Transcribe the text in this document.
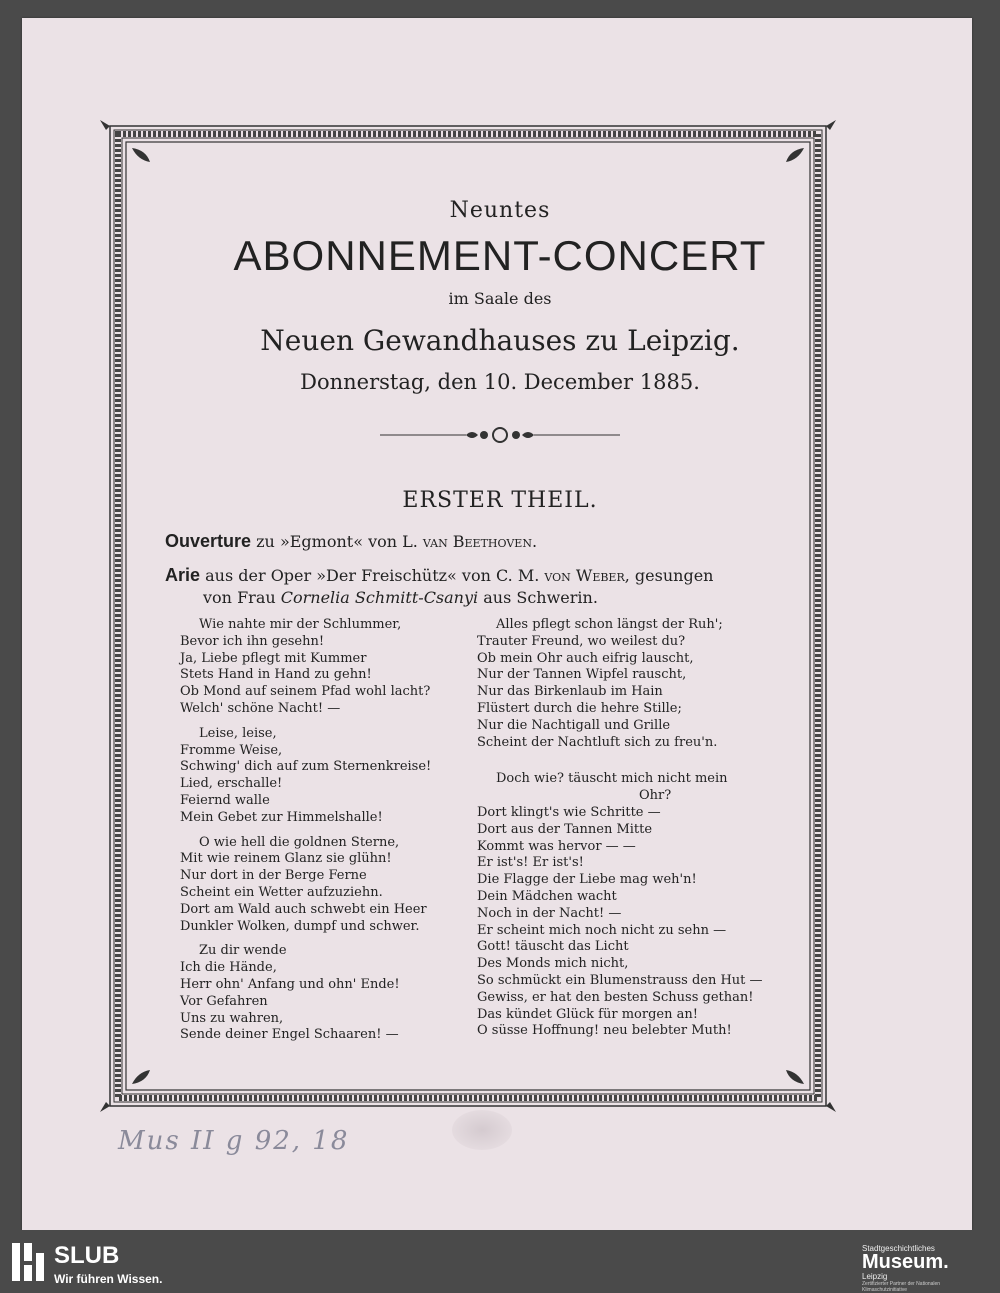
Neuntes
ABONNEMENT-CONCERT
im Saale des
Neuen Gewandhauses zu Leipzig.
Donnerstag, den 10. December 1885.
ERSTER THEIL.
Ouverture zu »Egmont« von L. van Beethoven.
Arie aus der Oper »Der Freischütz« von C. M. von Weber, gesungen
von Frau Cornelia Schmitt-Csanyi aus Schwerin.
Wie nahte mir der Schlummer,
Bevor ich ihn gesehn!
Ja, Liebe pflegt mit Kummer
Stets Hand in Hand zu gehn!
Ob Mond auf seinem Pfad wohl lacht?
Welch' schöne Nacht! —
Leise, leise,
Fromme Weise,
Schwing' dich auf zum Sternenkreise!
Lied, erschalle!
Feiernd walle
Mein Gebet zur Himmelshalle!
O wie hell die goldnen Sterne,
Mit wie reinem Glanz sie glühn!
Nur dort in der Berge Ferne
Scheint ein Wetter aufzuziehn.
Dort am Wald auch schwebt ein Heer
Dunkler Wolken, dumpf und schwer.
Zu dir wende
Ich die Hände,
Herr ohn' Anfang und ohn' Ende!
Vor Gefahren
Uns zu wahren,
Sende deiner Engel Schaaren! —
Alles pflegt schon längst der Ruh';
Trauter Freund, wo weilest du?
Ob mein Ohr auch eifrig lauscht,
Nur der Tannen Wipfel rauscht,
Nur das Birkenlaub im Hain
Flüstert durch die hehre Stille;
Nur die Nachtigall und Grille
Scheint der Nachtluft sich zu freu'n.
Doch wie? täuscht mich nicht mein
Ohr?
Dort klingt's wie Schritte —
Dort aus der Tannen Mitte
Kommt was hervor — —
Er ist's! Er ist's!
Die Flagge der Liebe mag weh'n!
Dein Mädchen wacht
Noch in der Nacht! —
Er scheint mich noch nicht zu sehn —
Gott! täuscht das Licht
Des Monds mich nicht,
So schmückt ein Blumenstrauss den Hut —
Gewiss, er hat den besten Schuss gethan!
Das kündet Glück für morgen an!
O süsse Hoffnung! neu belebter Muth!
Mus II g 92, 18
SLUB
Wir führen Wissen.
Stadtgeschichtliches
Museum.
Leipzig
Zertifizierter Partner der Nationalen Klimaschutzinitiative
